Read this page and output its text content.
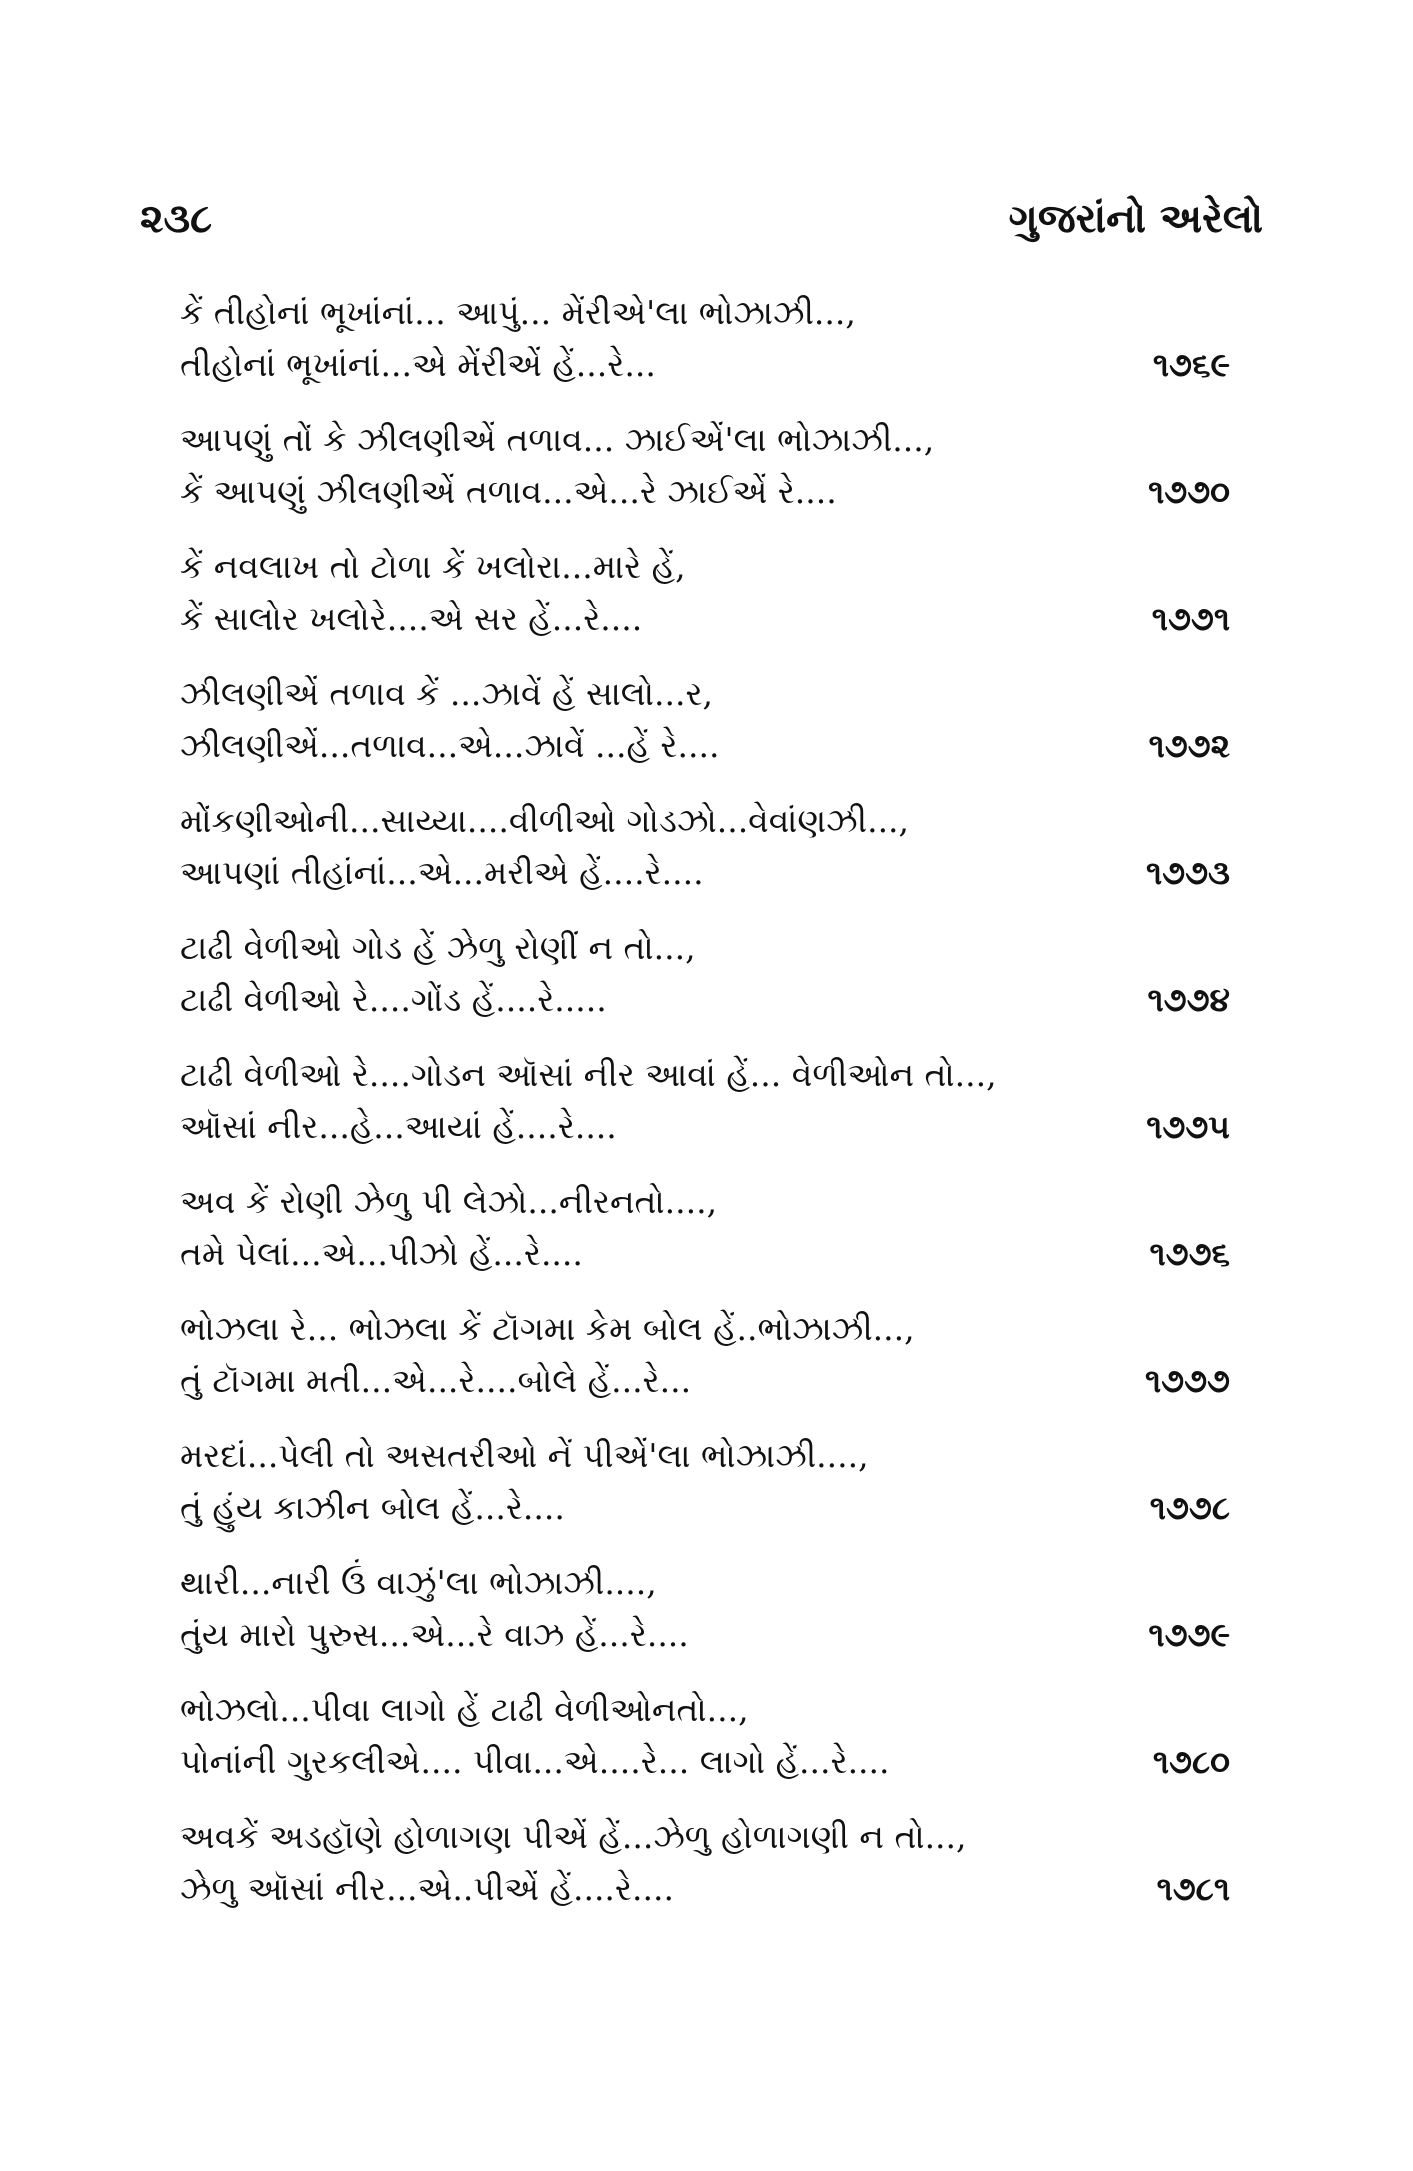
૨૩૮	ગુજરાંનો અરેલો
કેં તીહોનાં ભૂખાંનાં... આપું... મેંરીએ'લા ભોઝાઝી...,
તીહોનાં ભૂખાંનાં...એ મેંરીએં હેં...રે...	૧૭૬૯
આપણું તોં કે ઝીલણીએં તળાવ... ઝાઈએં'લા ભોઝાઝી...,
કેં આપણું ઝીલણીએં તળાવ...એ...રે ઝાઈએં રે....	૧૭૭૦
કેં નવલાખ તો ટોળા કેં ખલોરા...મારે હેં,
કેં સાલોર ખલોરે....એ સર હેં...રે....	૧૭૭૧
ઝીલણીએં તળાવ કેં ...ઝાવેં હેં સાલો...ર,
ઝીલણીએં...તળાવ...એ...ઝાવેં ...હેં રે....	૧૭૭૨
મોંકણીઓની...સાય્યા....વીળીઓ ગોડઝો...વેવાંણઝી...,
આપણાં તીહાંનાં...એ...મરીએ હેં....રે....	૧૭૭૩
ટાઢી વેળીઓ ગોડ હેં ઝેળુ રોણીં ન તો...,
ટાઢી વેળીઓ રે....ગોંડ હેં....રે.....	૧૭૭૪
ટાઢી વેળીઓ રે....ગોડન ઑસાં નીર આવાં હેં... વેળીઓન તો...,
ઑસાં નીર...હે...આયાં હેં....રે....	૧૭૭૫
અવ કેં રોણી ઝેળુ પી લેઝો...નીરનતો....,
તમે પેલાં...એ...પીઝો હેં...રે....	૧૭૭૬
ભોઝલા રે... ભોઝલા કેં ટૉગમા કેમ બોલ હેં..ભોઝાઝી...,
તું ટૉગમા મતી...એ...રે....બોલે હેં...રે...	૧૭૭૭
મરદાં...પેલી તો અસતરીઓ નેં પીએં'લા ભોઝાઝી....,
તું હુંય કાઝીન બોલ હેં...રે....	૧૭૭૮
થારી...નારી ઉં વાઝું'લા ભોઝાઝી....,
તુંય મારો પુરુસ...એ...રે વાઝ હેં...રે....	૧૭૭૯
ભોઝલો...પીવા લાગો હેં ટાઢી વેળીઓનતો...,
પોનાંની ગુરકલીએ.... પીવા...એ....રે... લાગો હેં...રે....	૧૭૮૦
અવકેં અડહૉણે હોળાગણ પીએં હેં...ઝેળુ હોળાગણી ન તો...,
ઝેળુ ઑસાં નીર...એ..પીએં હેં....રે....	૧૭૮૧
